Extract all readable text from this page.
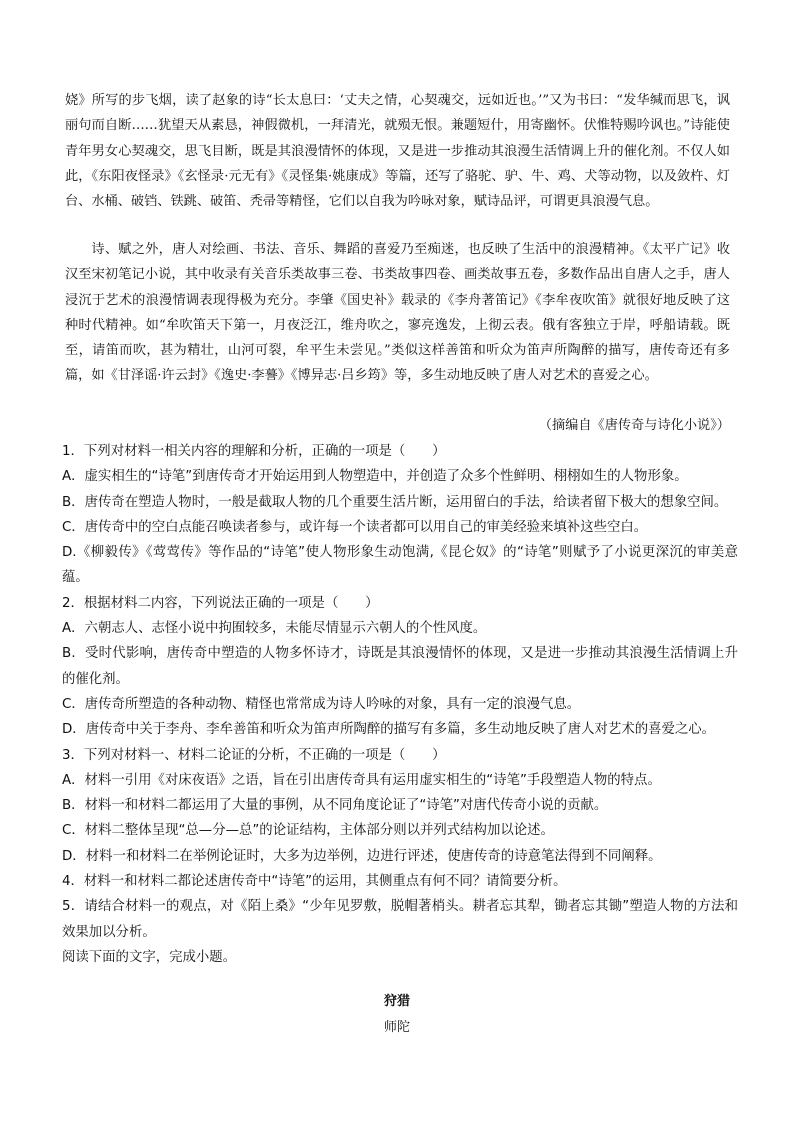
娆》所写的步飞烟，读了赵象的诗“长太息曰：‘丈夫之情，心契魂交，远如近也。’”又为书曰：“发华缄而思飞，讽丽句而自断……犹望天从素恳，神假微机，一拜清光，就殒无恨。兼题短什，用寄幽怀。伏惟特赐吟讽也。”诗能使青年男女心契魂交，思飞目断，既是其浪漫情怀的体现，又是进一步推动其浪漫生活情调上升的催化剂。不仅人如此，《东阳夜怪录》《玄怪录·元无有》《灵怪集·姚康成》等篇，还写了骆驼、驴、牛、鸡、犬等动物，以及敛杵、灯台、水桶、破铛、铁跳、破笛、秃帚等精怪，它们以自我为吟咏对象，赋诗品评，可谓更具浪漫气息。

诗、赋之外，唐人对绘画、书法、音乐、舞蹈的喜爱乃至痴迷，也反映了生活中的浪漫精神。《太平广记》收汉至宋初笔记小说，其中收录有关音乐类故事三卷、书类故事四卷、画类故事五卷，多数作品出自唐人之手，唐人浸沉于艺术的浪漫情调表现得极为充分。李肇《国史补》载录的《李舟著笛记》《李牟夜吹笛》就很好地反映了这种时代精神。如“牟吹笛天下第一，月夜泛江，维舟吹之，寥亮逸发，上彻云表。俄有客独立于岸，呼船请载。既至，请笛而吹，甚为精壮，山河可裂，牟平生未尝见。”类似这样善笛和听众为笛声所陶醉的描写，唐传奇还有多篇，如《甘泽谣·许云封》《逸史·李謩》《博异志·吕乡筠》等，多生动地反映了唐人对艺术的喜爱之心。

（摘编自《唐传奇与诗化小说》）

1．下列对材料一相关内容的理解和分析，正确的一项是（　　）

A．虚实相生的“诗笔”到唐传奇才开始运用到人物塑造中，并创造了众多个性鲜明、栩栩如生的人物形象。

B．唐传奇在塑造人物时，一般是截取人物的几个重要生活片断，运用留白的手法，给读者留下极大的想象空间。

C．唐传奇中的空白点能召唤读者参与，或许每一个读者都可以用自己的审美经验来填补这些空白。

D.《柳毅传》《莺莺传》等作品的“诗笔”使人物形象生动饱满,《昆仑奴》的“诗笔”则赋予了小说更深沉的审美意蕴。

2．根据材料二内容，下列说法正确的一项是（　　）

A．六朝志人、志怪小说中拘囿较多，未能尽情显示六朝人的个性风度。

B．受时代影响，唐传奇中塑造的人物多怀诗才，诗既是其浪漫情怀的体现，又是进一步推动其浪漫生活情调上升的催化剂。

C．唐传奇所塑造的各种动物、精怪也常常成为诗人吟咏的对象，具有一定的浪漫气息。

D．唐传奇中关于李舟、李牟善笛和听众为笛声所陶醉的描写有多篇，多生动地反映了唐人对艺术的喜爱之心。

3．下列对材料一、材料二论证的分析，不正确的一项是（　　）

A．材料一引用《对床夜语》之语，旨在引出唐传奇具有运用虚实相生的“诗笔”手段塑造人物的特点。

B．材料一和材料二都运用了大量的事例，从不同角度论证了“诗笔”对唐代传奇小说的贡献。

C．材料二整体呈现“总—分—总”的论证结构，主体部分则以并列式结构加以论述。

D．材料一和材料二在举例论证时，大多为边举例，边进行评述，使唐传奇的诗意笔法得到不同阐释。

4．材料一和材料二都论述唐传奇中“诗笔”的运用，其侧重点有何不同？请简要分析。

5．请结合材料一的观点，对《陌上桑》“少年见罗敷，脱帽著梢头。耕者忘其犁，锄者忘其锄”塑造人物的方法和效果加以分析。

阅读下面的文字，完成小题。

狩猎
师陀
